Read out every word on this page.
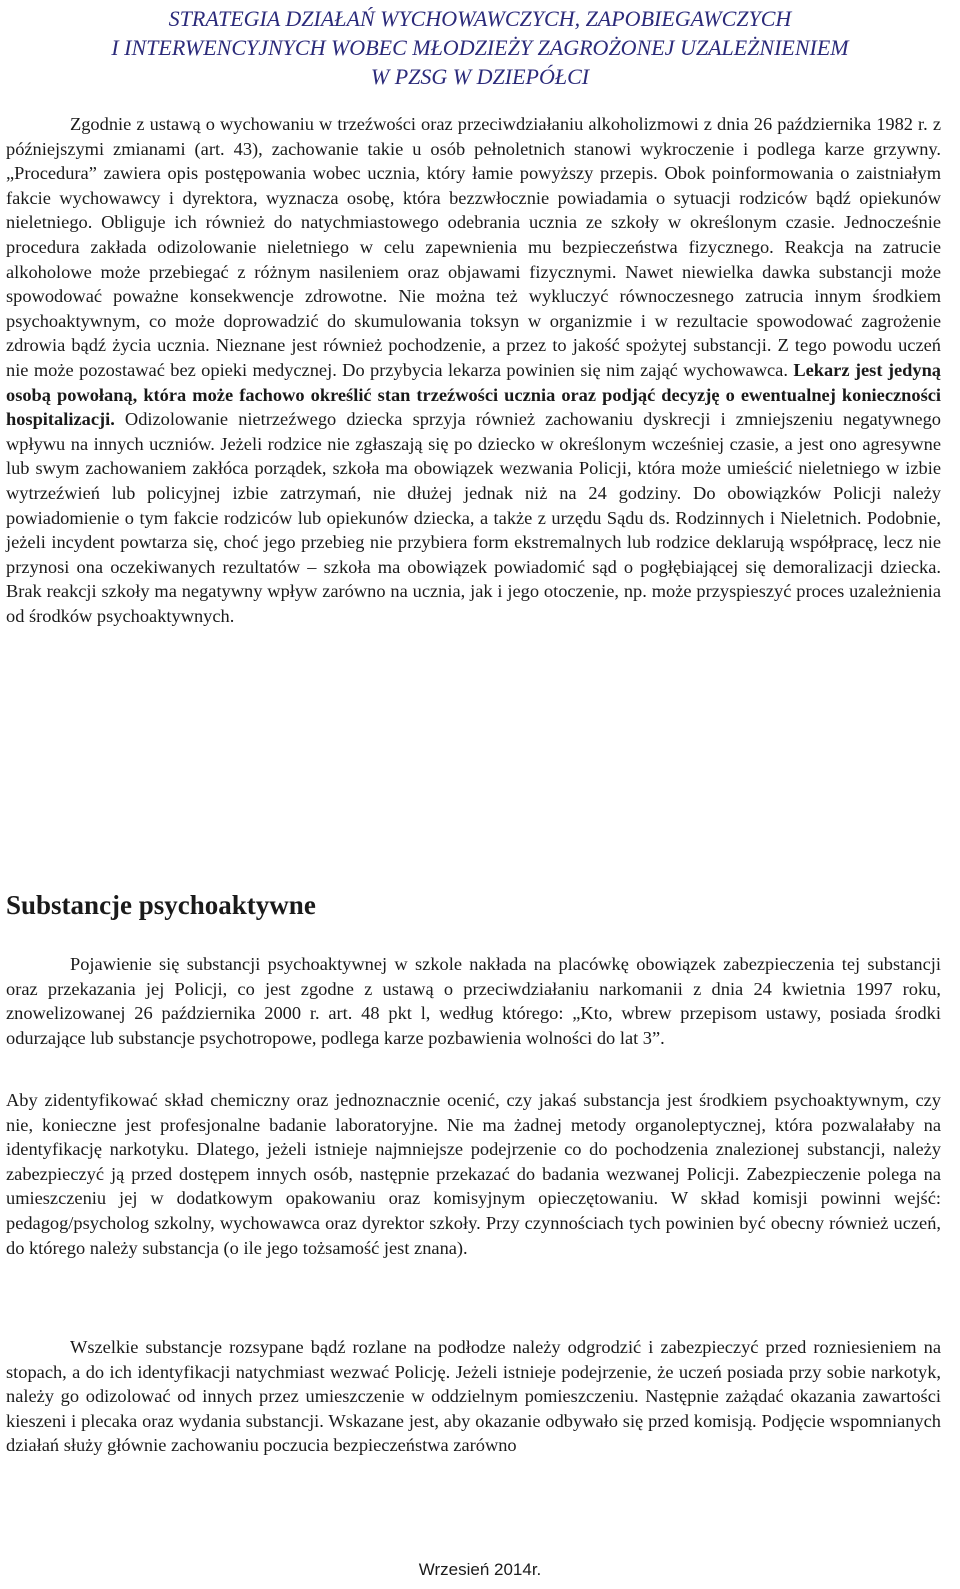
STRATEGIA DZIAŁAŃ WYCHOWAWCZYCH, ZAPOBIEGAWCZYCH
I INTERWENCYJNYCH WOBEC MŁODZIEŻY ZAGROŻONEJ UZALEŻNIENIEM
W PZSG W DZIEPÓŁCI

Zgodnie z ustawą o wychowaniu w trzeźwości oraz przeciwdziałaniu alkoholizmowi z dnia 26 października 1982 r. z późniejszymi zmianami (art. 43), zachowanie takie u osób pełnoletnich stanowi wykroczenie i podlega karze grzywny. „Procedura” zawiera opis postępowania wobec ucznia, który łamie powyższy przepis. Obok poinformowania o zaistniałym fakcie wychowawcy i dyrektora, wyznacza osobę, która bezzwłocznie powiadamia o sytuacji rodziców bądź opiekunów nieletniego. Obliguje ich również do natychmiastowego odebrania ucznia ze szkoły w określonym czasie. Jednocześnie procedura zakłada odizolowanie nieletniego w celu zapewnienia mu bezpieczeństwa fizycznego. Reakcja na zatrucie alkoholowe może przebiegać z różnym nasileniem oraz objawami fizycznymi. Nawet niewielka dawka substancji może spowodować poważne konsekwencje zdrowotne. Nie można też wykluczyć równoczesnego zatrucia innym środkiem psychoaktywnym, co może doprowadzić do skumulowania toksyn w organizmie i w rezultacie spowodować zagrożenie zdrowia bądź życia ucznia. Nieznane jest również pochodzenie, a przez to jakość spożytej substancji. Z tego powodu uczeń nie może pozostawać bez opieki medycznej. Do przybycia lekarza powinien się nim zająć wychowawca. Lekarz jest jedyną osobą powołaną, która może fachowo określić stan trzeźwości ucznia oraz podjąć decyzję o ewentualnej konieczności hospitalizacji. Odizolowanie nietrzeźwego dziecka sprzyja również zachowaniu dyskrecji i zmniejszeniu negatywnego wpływu na innych uczniów. Jeżeli rodzice nie zgłaszają się po dziecko w określonym wcześniej czasie, a jest ono agresywne lub swym zachowaniem zakłóca porządek, szkoła ma obowiązek wezwania Policji, która może umieścić nieletniego w izbie wytrzeźwień lub policyjnej izbie zatrzymań, nie dłużej jednak niż na 24 godziny. Do obowiązków Policji należy powiadomienie o tym fakcie rodziców lub opiekunów dziecka, a także z urzędu Sądu ds. Rodzinnych i Nieletnich. Podobnie, jeżeli incydent powtarza się, choć jego przebieg nie przybiera form ekstremalnych lub rodzice deklarują współpracę, lecz nie przynosi ona oczekiwanych rezultatów – szkoła ma obowiązek powiadomić sąd o pogłębiającej się demoralizacji dziecka. Brak reakcji szkoły ma negatywny wpływ zarówno na ucznia, jak i jego otoczenie, np. może przyspieszyć proces uzależnienia od środków psychoaktywnych.

Substancje psychoaktywne

Pojawienie się substancji psychoaktywnej w szkole nakłada na placówkę obowiązek zabezpieczenia tej substancji oraz przekazania jej Policji, co jest zgodne z ustawą o przeciwdziałaniu narkomanii z dnia 24 kwietnia 1997 roku, znowelizowanej 26 października 2000 r. art. 48 pkt l, według którego: „Kto, wbrew przepisom ustawy, posiada środki odurzające lub substancje psychotropowe, podlega karze pozbawienia wolności do lat 3”.

Aby zidentyfikować skład chemiczny oraz jednoznacznie ocenić, czy jakaś substancja jest środkiem psychoaktywnym, czy nie, konieczne jest profesjonalne badanie laboratoryjne. Nie ma żadnej metody organoleptycznej, która pozwalałaby na identyfikację narkotyku. Dlatego, jeżeli istnieje najmniejsze podejrzenie co do pochodzenia znalezionej substancji, należy zabezpieczyć ją przed dostępem innych osób, następnie przekazać do badania wezwanej Policji. Zabezpieczenie polega na umieszczeniu jej w dodatkowym opakowaniu oraz komisyjnym opieczętowaniu. W skład komisji powinni wejść: pedagog/psycholog szkolny, wychowawca oraz dyrektor szkoły. Przy czynnościach tych powinien być obecny również uczeń, do którego należy substancja (o ile jego tożsamość jest znana).

Wszelkie substancje rozsypane bądź rozlane na podłodze należy odgrodzić i zabezpieczyć przed rozniesieniem na stopach, a do ich identyfikacji natychmiast wezwać Policję. Jeżeli istnieje podejrzenie, że uczeń posiada przy sobie narkotyk, należy go odizolować od innych przez umieszczenie w oddzielnym pomieszczeniu. Następnie zażądać okazania zawartości kieszeni i plecaka oraz wydania substancji. Wskazane jest, aby okazanie odbywało się przed komisją. Podjęcie wspomnianych działań służy głównie zachowaniu poczucia bezpieczeństwa zarówno

Wrzesień 2014r.
